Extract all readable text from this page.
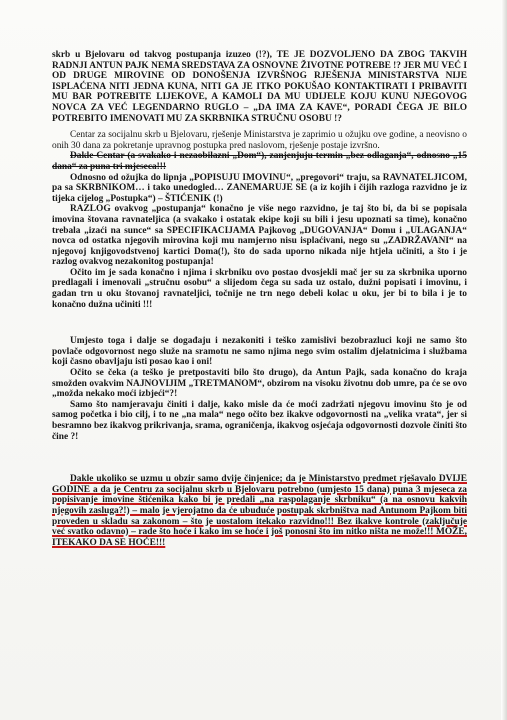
skrb u Bjelovaru od takvog postupanja izuzeo (!?), TE JE DOZVOLJENO DA ZBOG TAKVIH RADNJI ANTUN PAJK NEMA SREDSTAVA ZA OSNOVNE ŽIVOTNE POTREBE !? JER MU VEĆ I OD DRUGE MIROVINE OD DONOŠENJA IZVRŠNOG RJEŠENJA MINISTARSTVA NIJE ISPLAĆENA NITI JEDNA KUNA, NITI GA JE ITKO POKUŠAO KONTAKTIRATI I PRIBAVITI MU BAR POTREBITE LIJEKOVE, A KAMOLI DA MU UDIJELE KOJU KUNU NJEGOVOG NOVCA ZA VEĆ LEGENDARNO RUGLO – „DA IMA ZA KAVE“, PORADI ČEGA JE BILO POTREBITO IMENOVATI MU ZA SKRBNIKA STRUČNU OSOBU !?

Centar za socijalnu skrb u Bjelovaru, rješenje Ministarstva je zaprimio u ožujku ove godine, a neovisno o onih 30 dana za pokretanje upravnog postupka pred naslovom, rješenje postaje izvršno.

Dakle Centar (a svakako i nezaobilazni „Dom“), zanjenjuju termin „bez odlaganja“, odnosno „15 dana“ za puna tri mjeseca!!!

Odnosno od ožujka do lipnja „POPISUJU IMOVINU“, „pregovori“ traju, sa RAVNATELJICOM, pa sa SKRBNIKOM… i tako unedogled… ZANEMARUJE SE (a iz kojih i čijih razloga razvidno je iz tijeka cijelog „Postupka“) – ŠTIĆENIK (!)

RAZLOG ovakvog „postupanja“ konačno je više nego razvidno, je taj što bi, da bi se popisala imovina štovana ravnateljica (a svakako i ostatak ekipe koji su bili i jesu upoznati sa time), konačno trebala „izaći na sunce“ sa SPECIFIKACIJAMA Pajkovog „DUGOVANJA“ Domu i „ULAGANJA“ novca od ostatka njegovih mirovina koji mu namjerno nisu isplaćivani, nego su „ZADRŽAVANI“ na njegovoj knjigovodstvenoj kartici Doma(!), što do sada uporno nikada nije htjela učiniti, a što i je razlog ovakvog nezakonitog postupanja!

Očito im je sada konačno i njima i skrbniku ovo postao dvosjekli mač jer su za skrbnika uporno predlagali i imenovali „stručnu osobu“ a slijedom čega su sada uz ostalo, dužni popisati i imovinu, i gadan trn u oku štovanoj ravnateljici, točnije ne trn nego debeli kolac u oku, jer bi to bila i je to konačno dužna učiniti !!!

Umjesto toga i dalje se događaju i nezakoniti i teško zamislivi bezobrazluci koji ne samo što povlače odgovornost nego služe na sramotu ne samo njima nego svim ostalim djelatnicima i službama koji časno obavljaju isti posao kao i oni!

Očito se čeka (a teško je pretpostaviti bilo što drugo), da Antun Pajk, sada konačno do kraja smožden ovakvim NAJNOVIJIM „TRETMANOM“, obzirom na visoku životnu dob umre, pa će se ovo „možda nekako moći izbjeći“?!

Samo što namjeravaju činiti i dalje, kako misle da će moći zadržati njegovu imovinu što je od samog početka i bio cilj, i to ne „na mala“ nego očito bez ikakve odgovornosti na „velika vrata“, jer si besramno bez ikakvog prikrivanja, srama, ograničenja, ikakvog osjećaja odgovornosti dozvole činiti što čine ?!

Dakle ukoliko se uzmu u obzir samo dvije činjenice; da je Ministarstvo predmet rješavalo DVIJE GODINE a da je Centru za socijalnu skrb u Bjelovaru potrebno (umjesto 15 dana) puna 3 mjeseca za popisivanje imovine štićenika kako bi je predali „na raspolaganje skrbniku“ (a na osnovu kakvih njegovih zasluga?!) – malo je vjerojatno da će ubuduće postupak skrbništva nad Antunom Pajkom biti proveden u skladu sa zakonom – što je uostalom itekako razvidno!!! Bez ikakve kontrole (zaključuje već svatko odavno) – rade što hoće i kako im se hoće i još ponosni što im nitko ništa ne može!!! MOŽE, ITEKAKO DA SE HOĆE!!!
